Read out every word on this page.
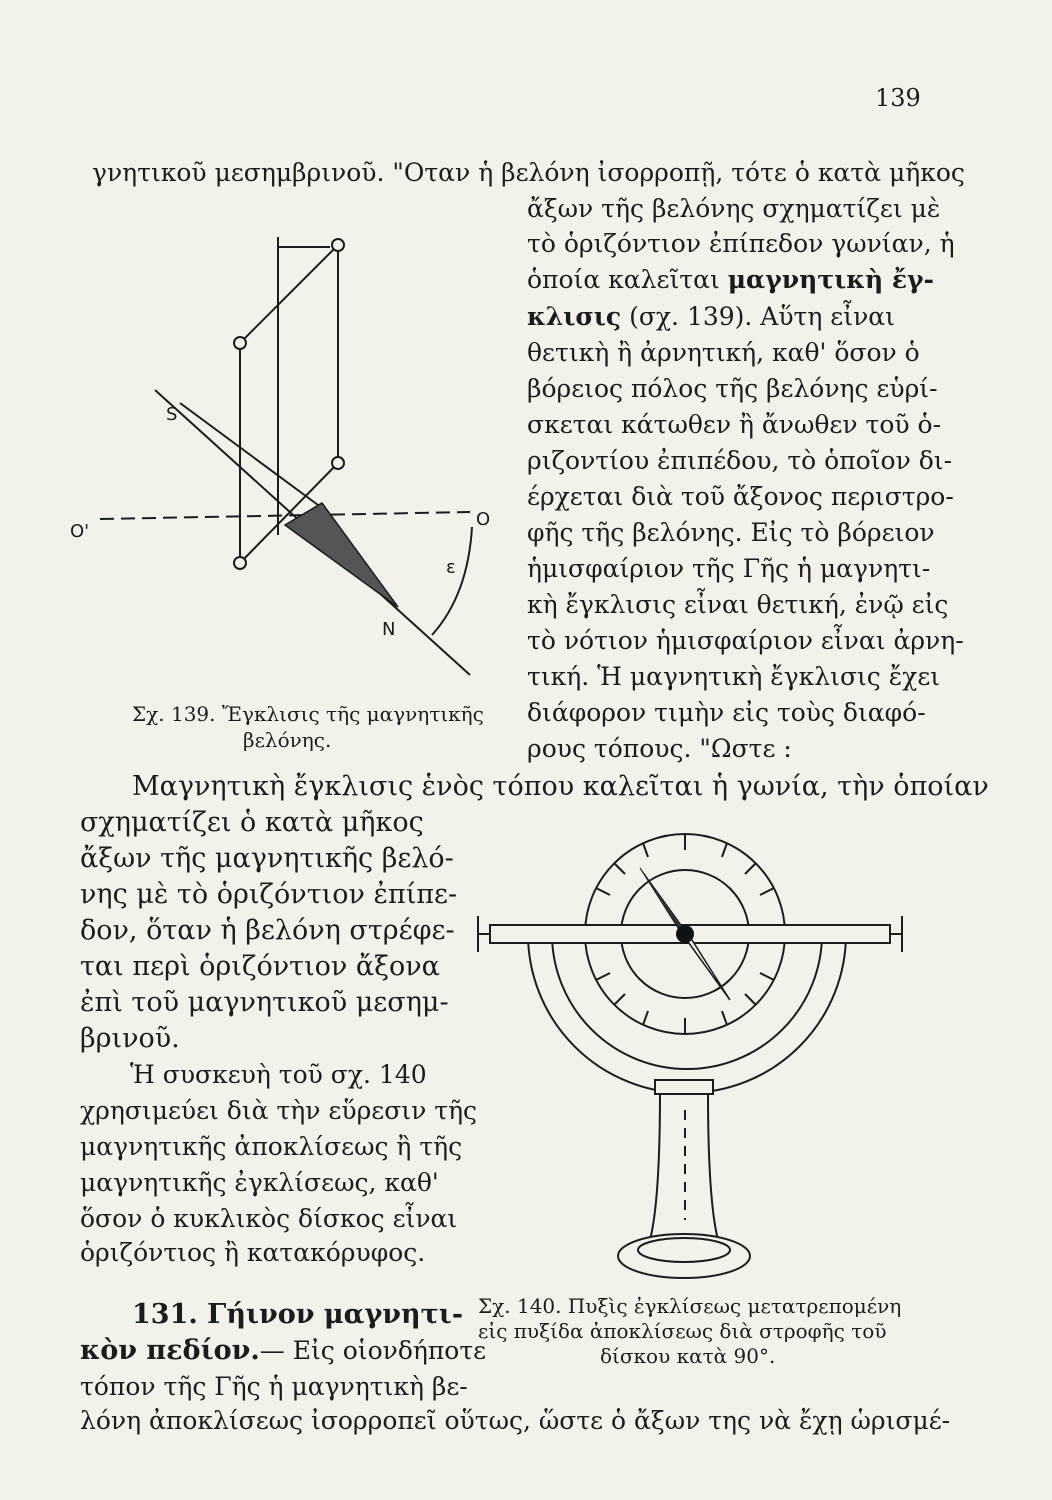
139
γνητικοῦ μεσημβρινοῦ. "Οταν ἡ βελόνη ἰσορροπῇ, τότε ὁ κατὰ μῆκος
ἄξων τῆς βελόνης σχηματίζει μὲ
τὸ ὁριζόντιον ἐπίπεδον γωνίαν, ἡ
ὁποία καλεῖται μαγνητικὴ ἔγ-
κλισις (σχ. 139). Αὕτη εἶναι
θετικὴ ἢ ἀρνητική, καθ' ὅσον ὁ
βόρειος πόλος τῆς βελόνης εὑρί-
σκεται κάτωθεν ἢ ἄνωθεν τοῦ ὁ-
ριζοντίου ἐπιπέδου, τὸ ὁποῖον δι-
έρχεται διὰ τοῦ ἄξονος περιστρο-
φῆς τῆς βελόνης. Εἰς τὸ βόρειον
ἡμισφαίριον τῆς Γῆς ἡ μαγνητι-
κὴ ἔγκλισις εἶναι θετική, ἐνῷ εἰς
τὸ νότιον ἡμισφαίριον εἶναι ἀρνη-
τική. Ἡ μαγνητικὴ ἔγκλισις ἔχει
διάφορον τιμὴν εἰς τοὺς διαφό-
ρους τόπους. "Ωστε :
S
N
O'
O
ε
Σχ. 139. Ἔγκλισις τῆς μαγνητικῆς
βελόνης.
Μαγνητικὴ ἔγκλισις ἑνὸς τόπου καλεῖται ἡ γωνία, τὴν ὁποίαν
σχηματίζει ὁ κατὰ μῆκος
ἄξων τῆς μαγνητικῆς βελό-
νης μὲ τὸ ὁριζόντιον ἐπίπε-
δον, ὅταν ἡ βελόνη στρέφε-
ται περὶ ὁριζόντιον ἄξονα
ἐπὶ τοῦ μαγνητικοῦ μεσημ-
βρινοῦ.
Ἡ συσκευὴ τοῦ σχ. 140
χρησιμεύει διὰ τὴν εὕρεσιν τῆς
μαγνητικῆς ἀποκλίσεως ἢ τῆς
μαγνητικῆς ἐγκλίσεως, καθ'
ὅσον ὁ κυκλικὸς δίσκος εἶναι
ὁριζόντιος ἢ κατακόρυφος.
131. Γήινον μαγνητι-
κὸν πεδίον.— Εἰς οἱονδήποτε
τόπον τῆς Γῆς ἡ μαγνητικὴ βε-
λόνη ἀποκλίσεως ἰσορροπεῖ οὕτως, ὥστε ὁ ἄξων της νὰ ἔχῃ ὡρισμέ-
Σχ. 140. Πυξὶς ἐγκλίσεως μετατρεπομένη
εἰς πυξίδα ἀποκλίσεως διὰ στροφῆς τοῦ
δίσκου κατὰ 90°.
